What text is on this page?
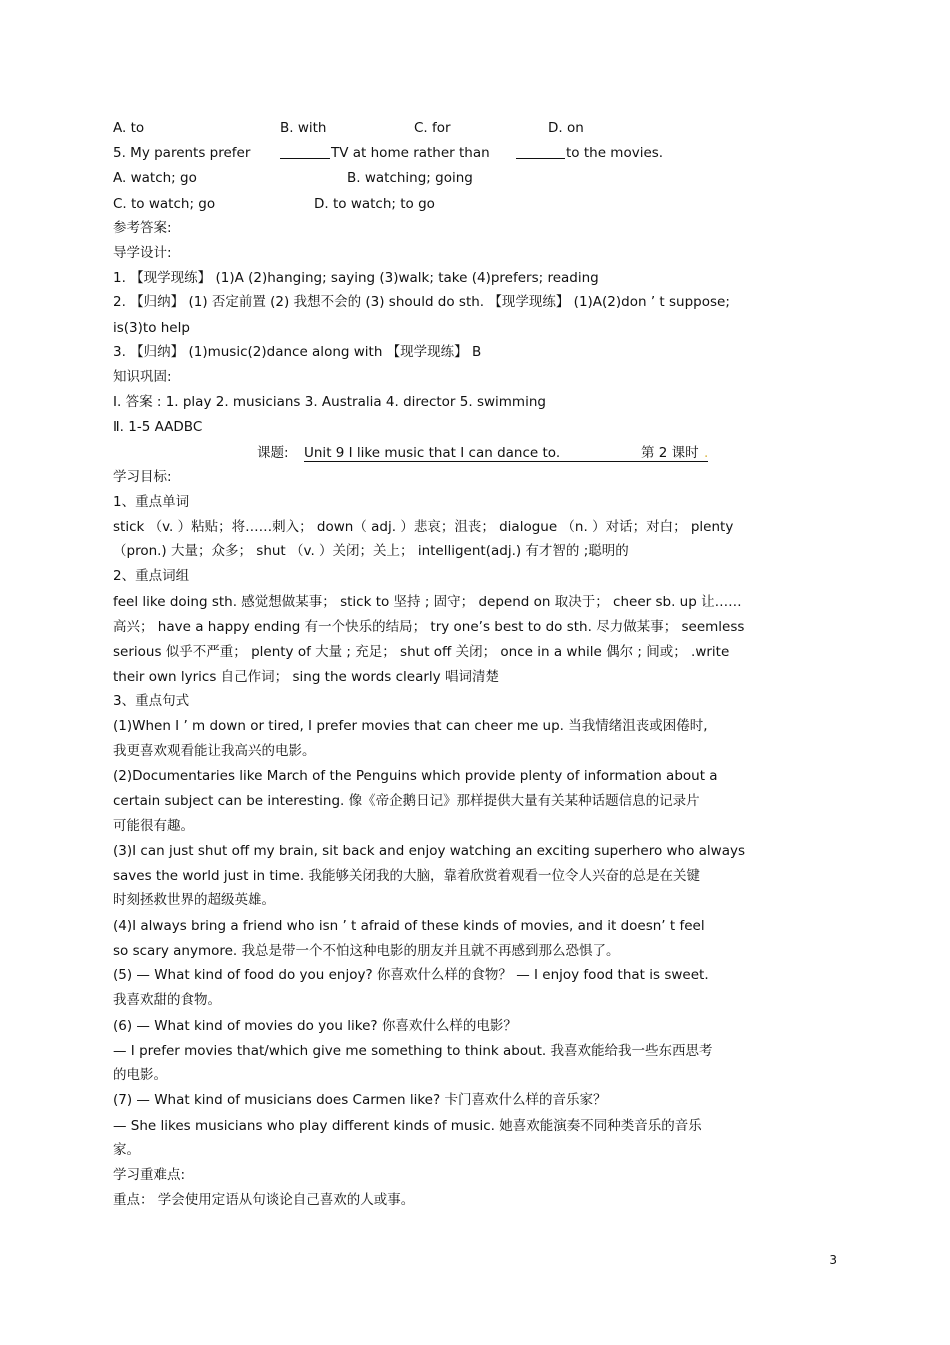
A. to	B. with	C. for	D. on
5. My parents prefer	TV at home rather than	to the movies.
A. watch; go	B. watching; going
C. to watch; go	D. to watch; to go
参考答案:
导学设计:
1. 【现学现练】 (1)A (2)hanging; saying (3)walk; take (4)prefers; reading
2. 【归纳】 (1) 否定前置 (2) 我想不会的 (3) should do sth. 【现学现练】 (1)A(2)don ’ t suppose;
is(3)to help
3. 【归纳】 (1)music(2)dance along with 【现学现练】 B
知识巩固:
I. 答案 : 1. play 2. musicians 3. Australia 4. director 5. swimming
Ⅱ. 1-5 AADBC
课题: Unit 9 I like music that I can dance to.	第 2 课时 .
学习目标:
1、重点单词
stick （v. ）粘贴；将……刺入； down（ adj. ）悲哀；沮丧； dialogue （n. ）对话；对白； plenty
（pron.) 大量；众多； shut （v. ）关闭；关上； intelligent(adj.) 有才智的 ;聪明的
2、重点词组
feel like doing sth. 感觉想做某事； stick to 坚持 ; 固守； depend on 取决于； cheer sb. up 让……
高兴； have a happy ending 有一个快乐的结局； try one’s best to do sth. 尽力做某事； seemless
serious 似乎不严重； plenty of 大量 ; 充足； shut off 关闭； once in a while 偶尔 ; 间或； .write
their own lyrics 自己作词； sing the words clearly 唱词清楚
3、重点句式
(1)When I ’ m down or tired, I prefer movies that can cheer me up. 当我情绪沮丧或困倦时,
我更喜欢观看能让我高兴的电影。
(2)Documentaries like March of the Penguins which provide plenty of information about a
certain subject can be interesting. 像《帝企鹅日记》那样提供大量有关某种话题信息的记录片
可能很有趣。
(3)I can just shut off my brain, sit back and enjoy watching an exciting superhero who always
saves the world just in time. 我能够关闭我的大脑，靠着欣赏着观看一位令人兴奋的总是在关键
时刻拯救世界的超级英雄。
(4)I always bring a friend who isn ’ t afraid of these kinds of movies, and it doesn’ t feel
so scary anymore. 我总是带一个不怕这种电影的朋友并且就不再感到那么恐惧了。
(5) — What kind of food do you enjoy? 你喜欢什么样的食物？ — I enjoy food that is sweet.
我喜欢甜的食物。
(6) — What kind of movies do you like? 你喜欢什么样的电影？
— I prefer movies that/which give me something to think about. 我喜欢能给我一些东西思考
的电影。
(7) — What kind of musicians does Carmen like? 卡门喜欢什么样的音乐家？
— She likes musicians who play different kinds of music. 她喜欢能演奏不同种类音乐的音乐
家。
学习重难点:
重点： 学会使用定语从句谈论自己喜欢的人或事。
3
